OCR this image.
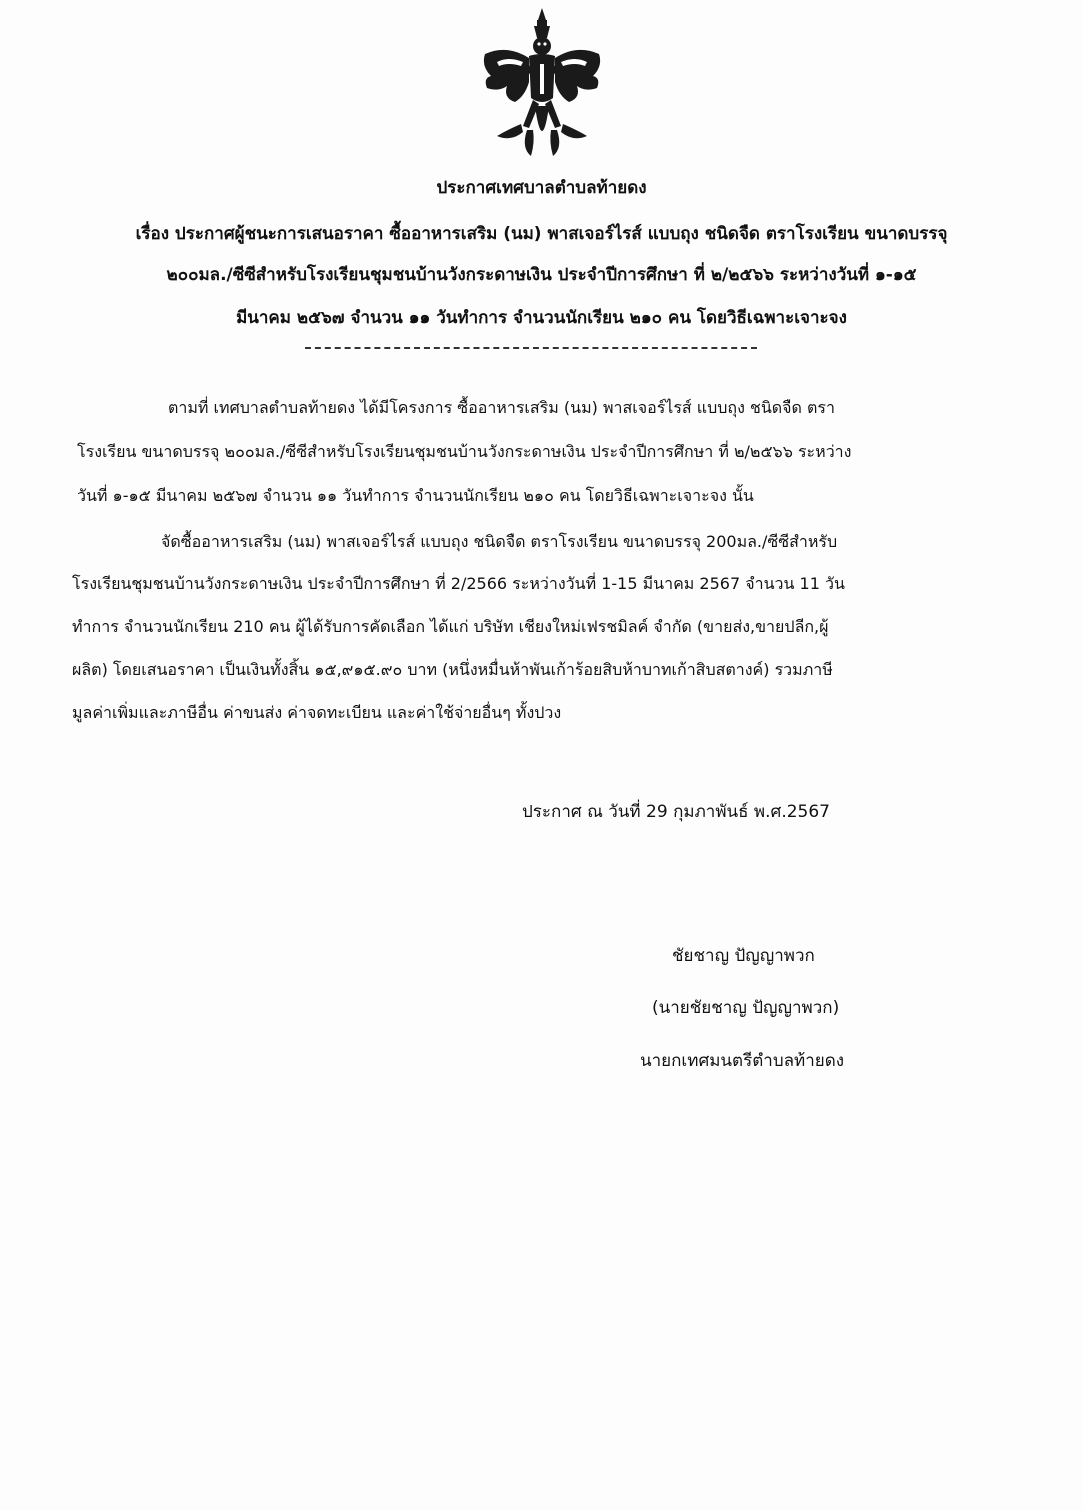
ประกาศเทศบาลตำบลท้ายดง
เรื่อง ประกาศผู้ชนะการเสนอราคา ซื้ออาหารเสริม (นม) พาสเจอร์ไรส์ แบบถุง ชนิดจืด ตราโรงเรียน ขนาดบรรจุ
๒๐๐มล./ซีซีสำหรับโรงเรียนชุมชนบ้านวังกระดาษเงิน ประจำปีการศึกษา ที่ ๒/๒๕๖๖ ระหว่างวันที่ ๑-๑๕
มีนาคม ๒๕๖๗ จำนวน ๑๑ วันทำการ จำนวนนักเรียน ๒๑๐ คน โดยวิธีเฉพาะเจาะจง
ตามที่ เทศบาลตำบลท้ายดง ได้มีโครงการ ซื้ออาหารเสริม (นม) พาสเจอร์ไรส์ แบบถุง ชนิดจืด ตรา
โรงเรียน ขนาดบรรจุ ๒๐๐มล./ซีซีสำหรับโรงเรียนชุมชนบ้านวังกระดาษเงิน ประจำปีการศึกษา ที่ ๒/๒๕๖๖ ระหว่าง
วันที่ ๑-๑๕ มีนาคม ๒๕๖๗ จำนวน ๑๑ วันทำการ จำนวนนักเรียน ๒๑๐ คน โดยวิธีเฉพาะเจาะจง นั้น
จัดซื้ออาหารเสริม (นม) พาสเจอร์ไรส์ แบบถุง ชนิดจืด ตราโรงเรียน ขนาดบรรจุ 200มล./ซีซีสำหรับ
โรงเรียนชุมชนบ้านวังกระดาษเงิน ประจำปีการศึกษา ที่ 2/2566 ระหว่างวันที่ 1-15 มีนาคม 2567 จำนวน 11 วัน
ทำการ จำนวนนักเรียน 210 คน ผู้ได้รับการคัดเลือก ได้แก่ บริษัท เชียงใหม่เฟรชมิลค์ จำกัด (ขายส่ง,ขายปลีก,ผู้
ผลิต) โดยเสนอราคา เป็นเงินทั้งสิ้น ๑๕,๙๑๕.๙๐ บาท (หนึ่งหมื่นห้าพันเก้าร้อยสิบห้าบาทเก้าสิบสตางค์) รวมภาษี
มูลค่าเพิ่มและภาษีอื่น ค่าขนส่ง ค่าจดทะเบียน และค่าใช้จ่ายอื่นๆ ทั้งปวง
ประกาศ ณ วันที่ 29 กุมภาพันธ์ พ.ศ.2567
ชัยชาญ ปัญญาพวก
(นายชัยชาญ ปัญญาพวก)
นายกเทศมนตรีตำบลท้ายดง
